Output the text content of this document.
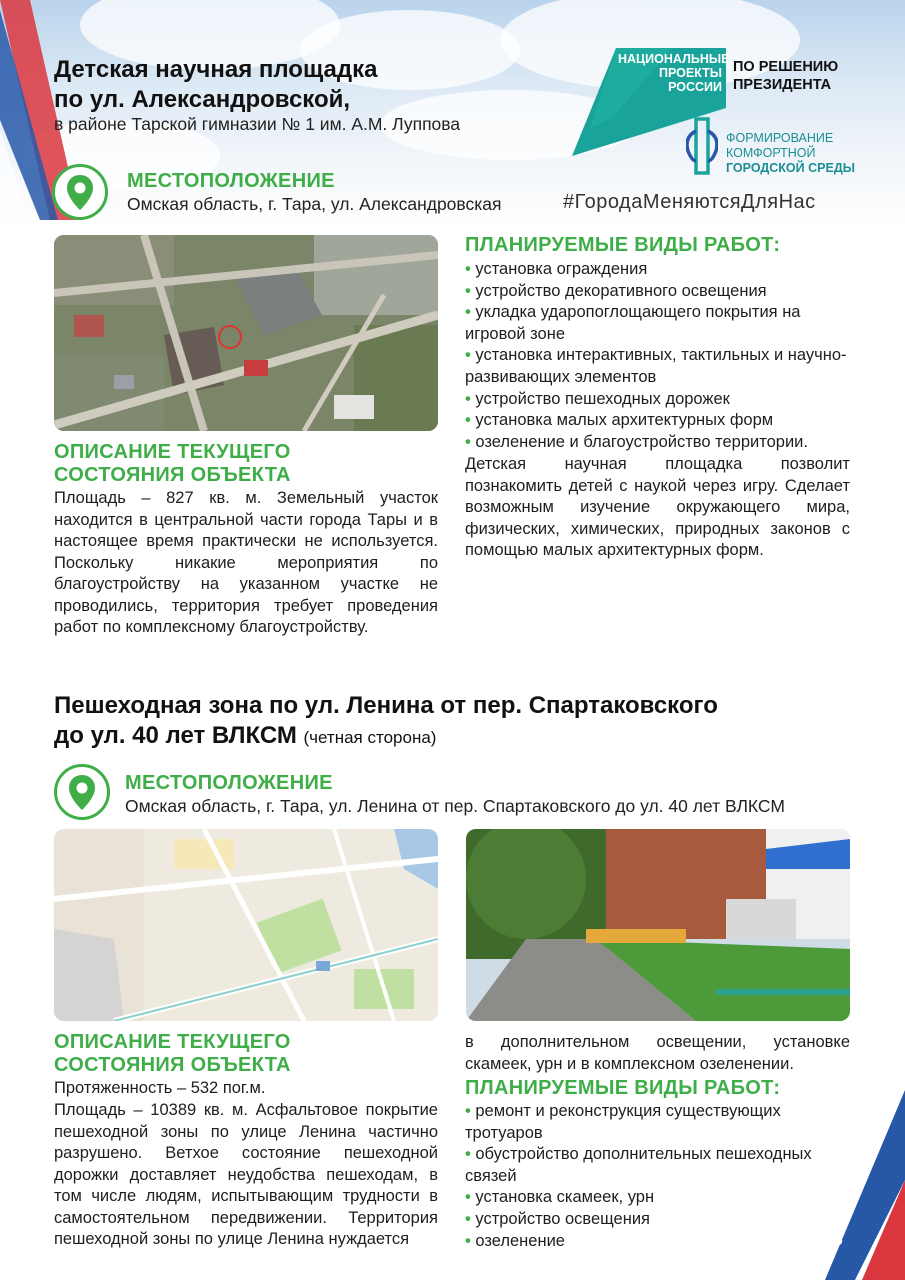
НАЦИОНАЛЬНЫЕ ПРОЕКТЫ РОССИИ
ПО РЕШЕНИЮ ПРЕЗИДЕНТА
ФОРМИРОВАНИЕ КОМФОРТНОЙ
ГОРОДСКОЙ СРЕДЫ
#ГородаМеняютсяДляНас
Детская научная площадка
по ул. Александровской,
в районе Тарской гимназии № 1 им. А.М. Луппова
МЕСТОПОЛОЖЕНИЕ
Омская область, г. Тара, ул. Александровская
ОПИСАНИЕ ТЕКУЩЕГО
СОСТОЯНИЯ ОБЪЕКТА
Площадь – 827 кв. м. Земельный участок находится в центральной части города Тары и в настоящее время практически не используется. Поскольку никакие мероприятия по благоустройству на указанном участке не проводились, территория требует проведения работ по комплексному благоустройству.
ПЛАНИРУЕМЫЕ ВИДЫ РАБОТ:
• установка ограждения
• устройство декоративного освещения
• укладка ударопоглощающего покрытия на игровой зоне
• установка интерактивных, тактильных и научно-развивающих элементов
• устройство пешеходных дорожек
• установка малых архитектурных форм
• озеленение и благоустройство территории.
Детская научная площадка позволит познакомить детей с наукой через игру. Сделает возможным изучение окружающего мира, физических, химических, природных законов с помощью малых архитектурных форм.
Пешеходная зона по ул. Ленина от пер. Спартаковского
до ул. 40 лет ВЛКСМ (четная сторона)
МЕСТОПОЛОЖЕНИЕ
Омская область, г. Тара, ул. Ленина от пер. Спартаковского до ул. 40 лет ВЛКСМ
ОПИСАНИЕ ТЕКУЩЕГО
СОСТОЯНИЯ ОБЪЕКТА
Протяженность – 532 пог.м.
Площадь – 10389 кв. м. Асфальтовое покрытие пешеходной зоны по улице Ленина частично разрушено. Ветхое состояние пешеходной дорожки доставляет неудобства пешеходам, в том числе людям, испытывающим трудности в самостоятельном передвижении. Территория пешеходной зоны по улице Ленина нуждается
в дополнительном освещении, установке скамеек, урн и в комплексном озеленении.
ПЛАНИРУЕМЫЕ ВИДЫ РАБОТ:
• ремонт и реконструкция существующих тротуаров
• обустройство дополнительных пешеходных связей
• установка скамеек, урн
• устройство освещения
• озеленение	25
